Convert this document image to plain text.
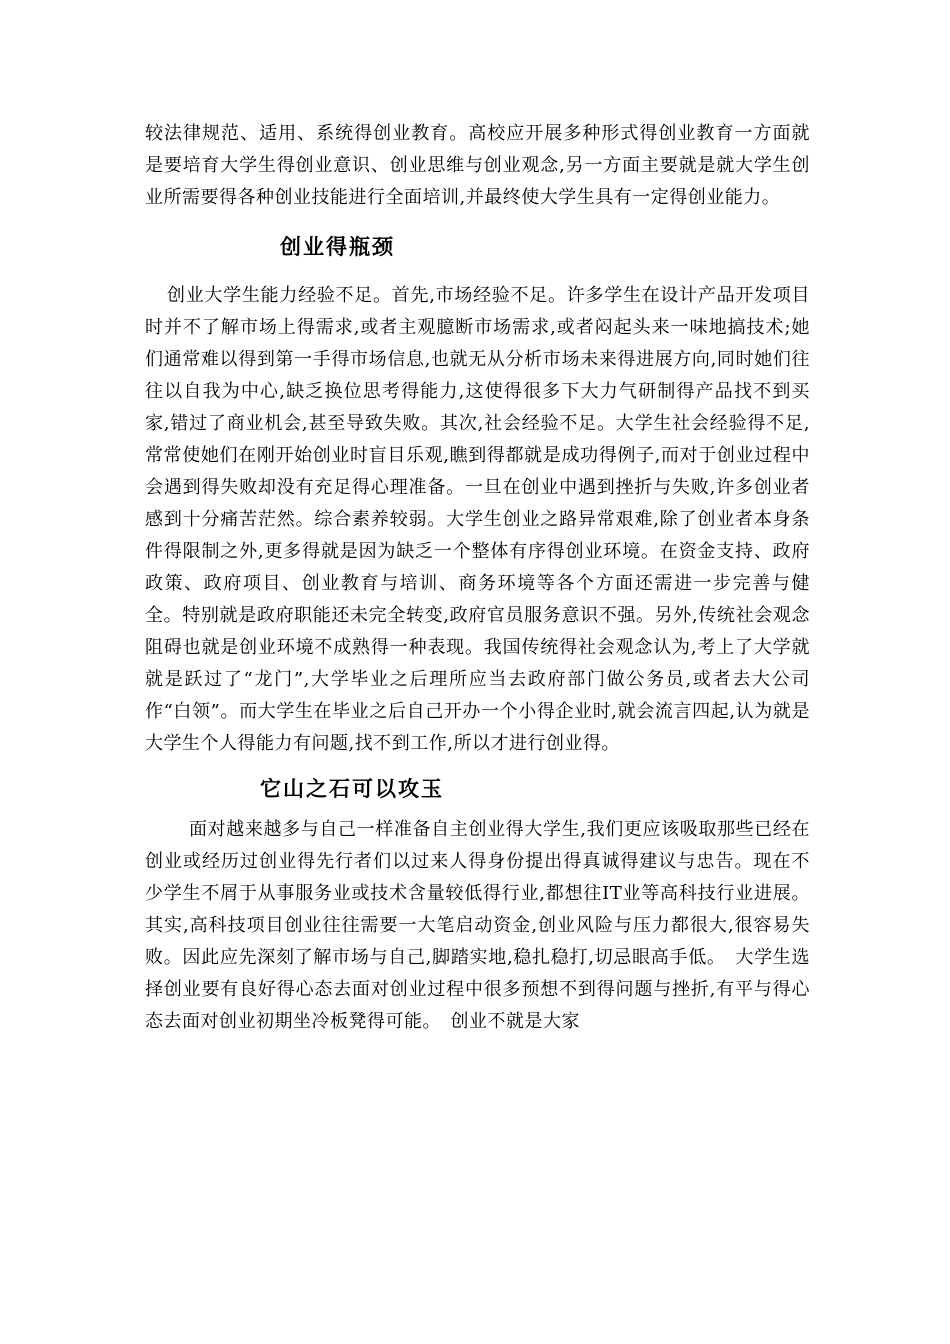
较法律规范、适用、系统得创业教育。高校应开展多种形式得创业教育一方面就是要培育大学生得创业意识、创业思维与创业观念,另一方面主要就是就大学生创业所需要得各种创业技能进行全面培训,并最终使大学生具有一定得创业能力。

创业得瓶颈

创业大学生能力经验不足。首先,市场经验不足。许多学生在设计产品开发项目时并不了解市场上得需求,或者主观臆断市场需求,或者闷起头来一味地搞技术;她们通常难以得到第一手得市场信息,也就无从分析市场未来得进展方向,同时她们往往以自我为中心,缺乏换位思考得能力,这使得很多下大力气研制得产品找不到买家,错过了商业机会,甚至导致失败。其次,社会经验不足。大学生社会经验得不足,常常使她们在刚开始创业时盲目乐观,瞧到得都就是成功得例子,而对于创业过程中会遇到得失败却没有充足得心理准备。一旦在创业中遇到挫折与失败,许多创业者感到十分痛苦茫然。综合素养较弱。大学生创业之路异常艰难,除了创业者本身条件得限制之外,更多得就是因为缺乏一个整体有序得创业环境。在资金支持、政府政策、政府项目、创业教育与培训、商务环境等各个方面还需进一步完善与健全。特别就是政府职能还未完全转变,政府官员服务意识不强。另外,传统社会观念阻碍也就是创业环境不成熟得一种表现。我国传统得社会观念认为,考上了大学就就是跃过了“龙门”,大学毕业之后理所应当去政府部门做公务员,或者去大公司作“白领”。而大学生在毕业之后自己开办一个小得企业时,就会流言四起,认为就是大学生个人得能力有问题,找不到工作,所以才进行创业得。

它山之石可以攻玉

面对越来越多与自己一样准备自主创业得大学生,我们更应该吸取那些已经在创业或经历过创业得先行者们以过来人得身份提出得真诚得建议与忠告。现在不少学生不屑于从事服务业或技术含量较低得行业,都想往IT业等高科技行业进展。其实,高科技项目创业往往需要一大笔启动资金,创业风险与压力都很大,很容易失败。因此应先深刻了解市场与自己,脚踏实地,稳扎稳打,切忌眼高手低。　大学生选择创业要有良好得心态去面对创业过程中很多预想不到得问题与挫折,有平与得心态去面对创业初期坐冷板凳得可能。　创业不就是大家
